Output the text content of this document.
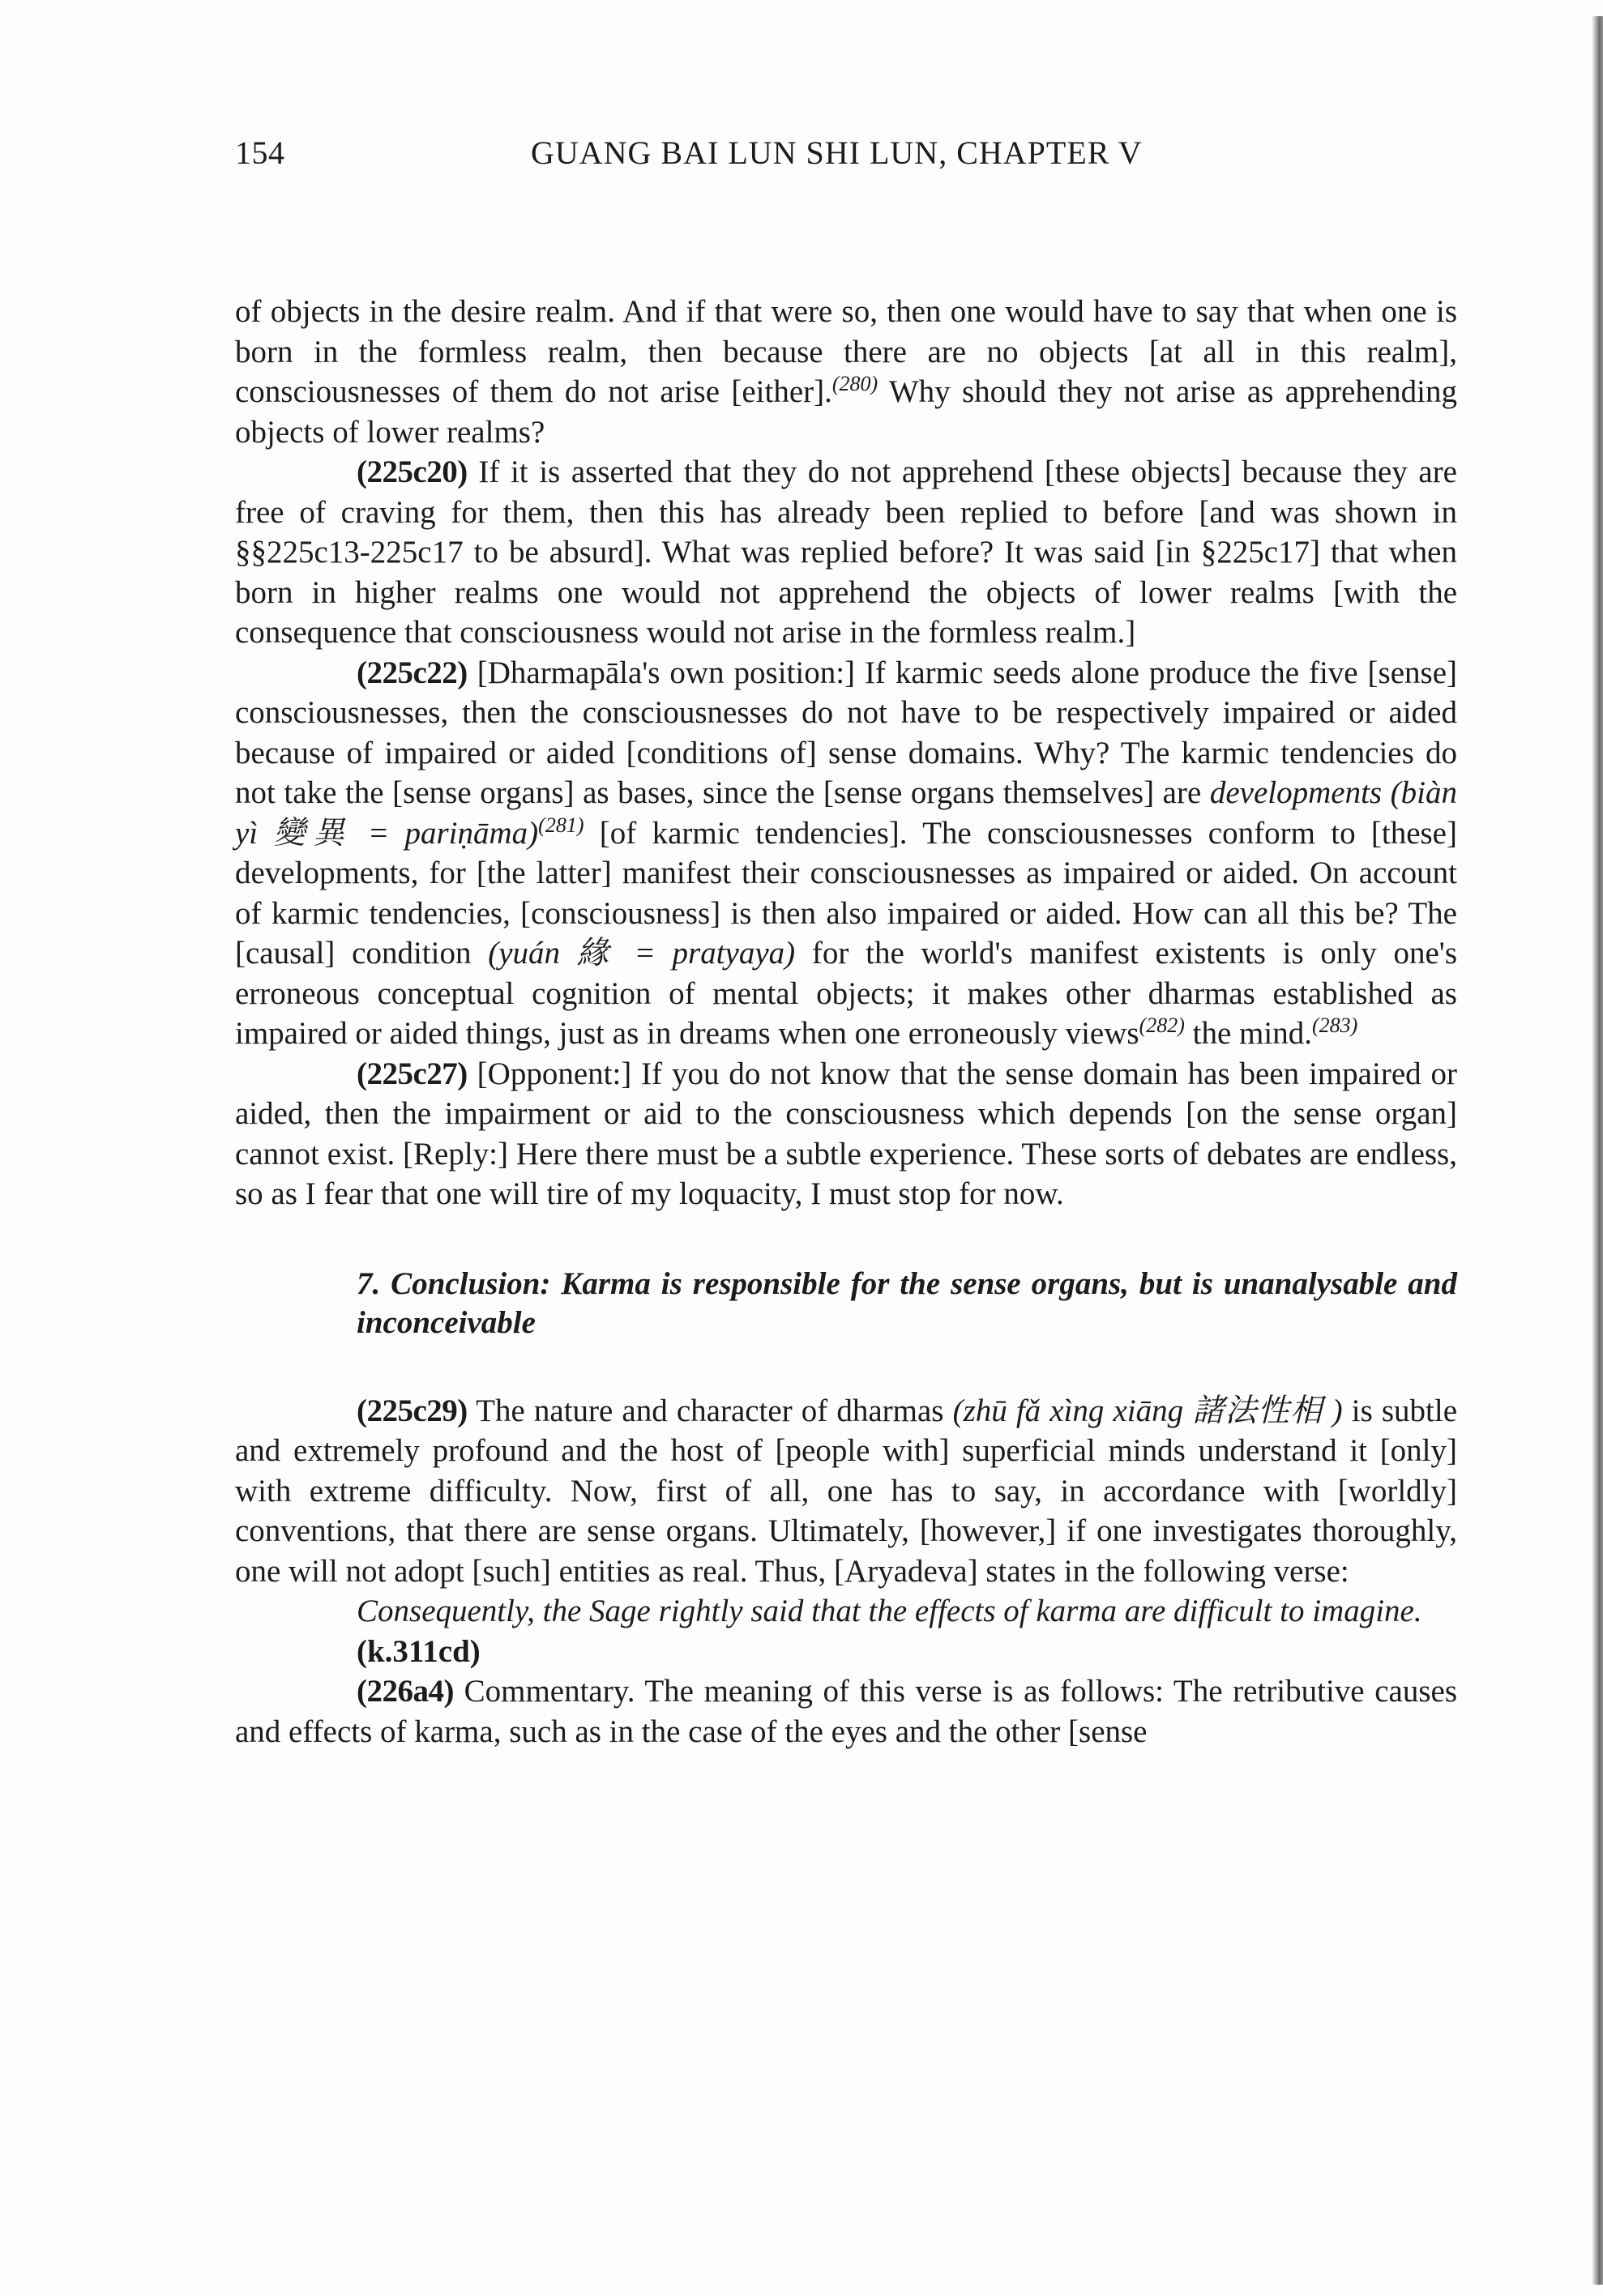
154	GUANG BAI LUN SHI LUN, CHAPTER V

of objects in the desire realm. And if that were so, then one would have to say that when one is born in the formless realm, then because there are no objects [at all in this realm], consciousnesses of them do not arise [either].$^{(280)}$ Why should they not arise as apprehending objects of lower realms?

(225c20) If it is asserted that they do not apprehend [these objects] because they are free of craving for them, then this has already been replied to before [and was shown in §§225c13-225c17 to be absurd]. What was replied before? It was said [in §225c17] that when born in higher realms one would not apprehend the objects of lower realms [with the consequence that consciousness would not arise in the formless realm.]

(225c22) [Dharmapāla's own position:] If karmic seeds alone produce the five [sense] consciousnesses, then the consciousnesses do not have to be respectively impaired or aided because of impaired or aided [conditions of] sense domains. Why? The karmic tendencies do not take the [sense organs] as bases, since the [sense organs themselves] are developments (biàn yì 變異 = pariṇāma)$^{(281)}$ [of karmic tendencies]. The consciousnesses conform to [these] developments, for [the latter] manifest their consciousnesses as impaired or aided. On account of karmic tendencies, [consciousness] is then also impaired or aided. How can all this be? The [causal] condition (yuán 緣 = pratyaya) for the world's manifest existents is only one's erroneous conceptual cognition of mental objects; it makes other dharmas established as impaired or aided things, just as in dreams when one erroneously views$^{(282)}$ the mind.$^{(283)}$

(225c27) [Opponent:] If you do not know that the sense domain has been impaired or aided, then the impairment or aid to the consciousness which depends [on the sense organ] cannot exist. [Reply:] Here there must be a subtle experience. These sorts of debates are endless, so as I fear that one will tire of my loquacity, I must stop for now.

7. Conclusion: Karma is responsible for the sense organs, but is unanalysable and inconceivable

(225c29) The nature and character of dharmas (zhū fǎ xìng xiāng 諸法性相 ) is subtle and extremely profound and the host of [people with] superficial minds understand it [only] with extreme difficulty. Now, first of all, one has to say, in accordance with [worldly] conventions, that there are sense organs. Ultimately, [however,] if one investigates thoroughly, one will not adopt [such] entities as real. Thus, [Aryadeva] states in the following verse:

Consequently, the Sage rightly said that the effects of karma are difficult to imagine.
(k.311cd)

(226a4) Commentary. The meaning of this verse is as follows: The retributive causes and effects of karma, such as in the case of the eyes and the other [sense
